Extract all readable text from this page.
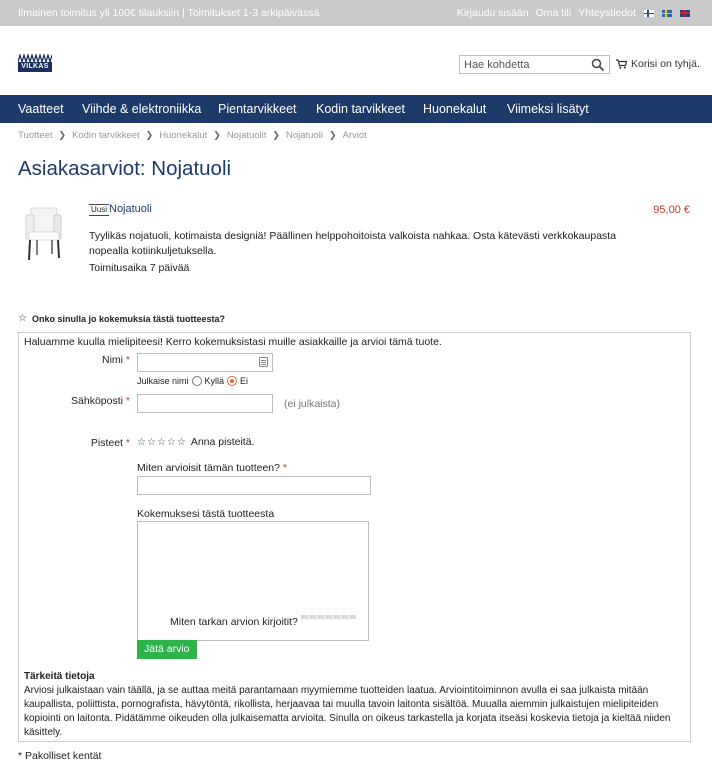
Ilmainen toimitus yli 100€ tilauksiin | Toimitukset 1-3 arkipäivässä	Kirjaudu sisään Oma tili Yhteystiedot
VILKAS
Hae kohdetta	Korisi on tyhjä.
Vaatteet Viihde & elektroniikka Pientarvikkeet Kodin tarvikkeet Huonekalut Viimeksi lisätyt
Tuotteet ❯ Kodin tarvikkeet ❯ Huonekalut ❯ Nojatuolit ❯ Nojatuoli ❯ Arviot
Asiakasarviot: Nojatuoli
Uusi Nojatuoli	95,00 €

Tyylikäs nojatuoli, kotimaista designiä! Päällinen helppohoitoista valkoista nahkaa. Osta kätevästi verkkokaupasta nopealla kotiinkuljetuksella.

Toimitusaika 7 päivää
☆ Onko sinulla jo kokemuksia tästä tuotteesta?
Haluamme kuulla mielipiteesi! Kerro kokemuksistasi muille asiakkaille ja arvioi tämä tuote.
Nimi *
Julkaise nimi Kyllä Ei
Sähköposti *	(ei julkaista)
Pisteet * ☆ ☆ ☆ ☆ ☆ Anna pisteitä.
Miten arvioisit tämän tuotteen? *
Kokemuksesi tästä tuotteesta
Miten tarkan arvion kirjoitit?
Jätä arvio
Tärkeitä tietoja

Arviosi julkaistaan vain täällä, ja se auttaa meitä parantamaan myymiemme tuotteiden laatua. Arviointitoiminnon avulla ei saa julkaista mitään kaupallista, poliittista, pornografista, hävytöntä, rikollista, herjaavaa tai muulla tavoin laitonta sisältöä. Muualla aiemmin julkaistujen mielipiteiden kopiointi on laitonta. Pidätämme oikeuden olla julkaisematta arvioita. Sinulla on oikeus tarkastella ja korjata itseäsi koskevia tietoja ja kieltää niiden käsittely.

* Pakolliset kentät
